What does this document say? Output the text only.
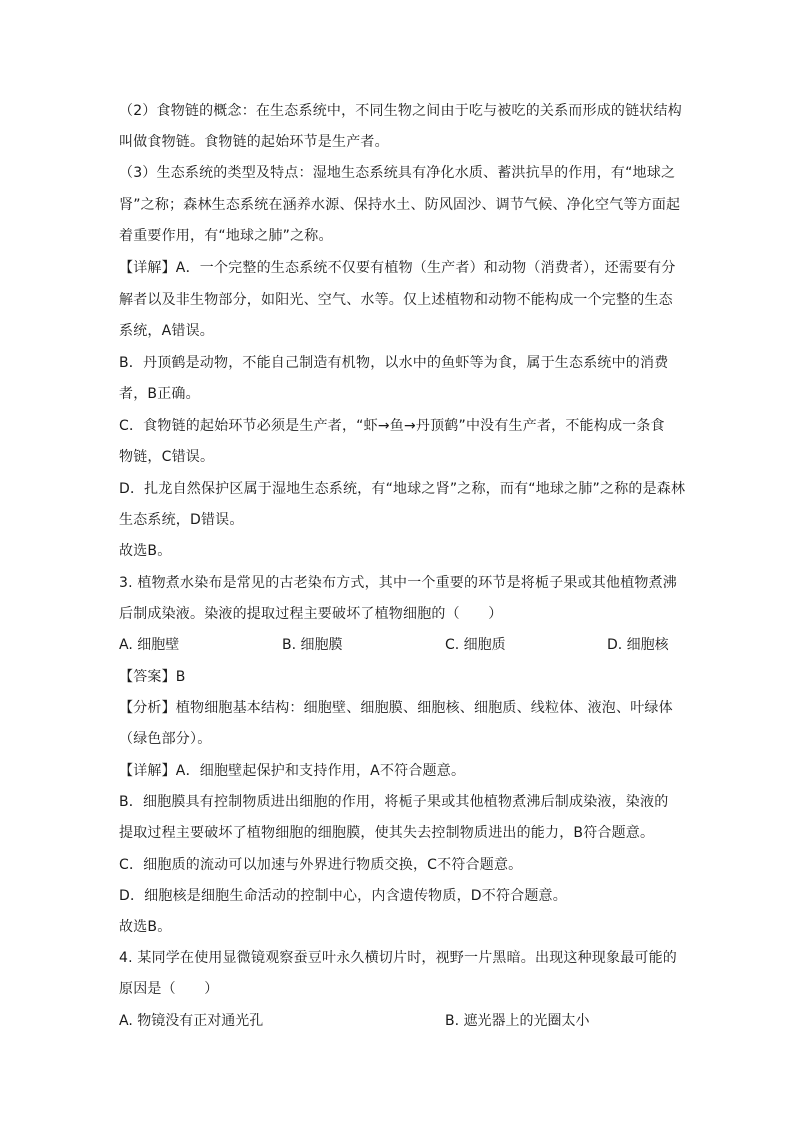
（2）食物链的概念：在生态系统中，不同生物之间由于吃与被吃的关系而形成的链状结构
叫做食物链。食物链的起始环节是生产者。
（3）生态系统的类型及特点：湿地生态系统具有净化水质、蓄洪抗旱的作用，有“地球之
肾”之称；森林生态系统在涵养水源、保持水土、防风固沙、调节气候、净化空气等方面起
着重要作用，有“地球之肺”之称。
【详解】A．一个完整的生态系统不仅要有植物（生产者）和动物（消费者），还需要有分
解者以及非生物部分，如阳光、空气、水等。仅上述植物和动物不能构成一个完整的生态
系统，A错误。
B．丹顶鹤是动物，不能自己制造有机物，以水中的鱼虾等为食，属于生态系统中的消费
者，B正确。
C．食物链的起始环节必须是生产者，“虾→鱼→丹顶鹤”中没有生产者，不能构成一条食
物链，C错误。
D．扎龙自然保护区属于湿地生态系统，有“地球之肾”之称，而有“地球之肺”之称的是森林
生态系统，D错误。
故选B。
3. 植物煮水染布是常见的古老染布方式，其中一个重要的环节是将栀子果或其他植物煮沸
后制成染液。染液的提取过程主要破坏了植物细胞的（　　）
【答案】B
【分析】植物细胞基本结构：细胞壁、细胞膜、细胞核、细胞质、线粒体、液泡、叶绿体
（绿色部分）。
【详解】A．细胞壁起保护和支持作用，A不符合题意。
B．细胞膜具有控制物质进出细胞的作用，将栀子果或其他植物煮沸后制成染液，染液的
提取过程主要破坏了植物细胞的细胞膜，使其失去控制物质进出的能力，B符合题意。
C．细胞质的流动可以加速与外界进行物质交换，C不符合题意。
D．细胞核是细胞生命活动的控制中心，内含遗传物质，D不符合题意。
故选B。
4. 某同学在使用显微镜观察蚕豆叶永久横切片时，视野一片黑暗。出现这种现象最可能的
原因是（　　）
A. 细胞壁	B. 细胞膜	C. 细胞质	D. 细胞核
A. 物镜没有正对通光孔	B. 遮光器上的光圈太小
